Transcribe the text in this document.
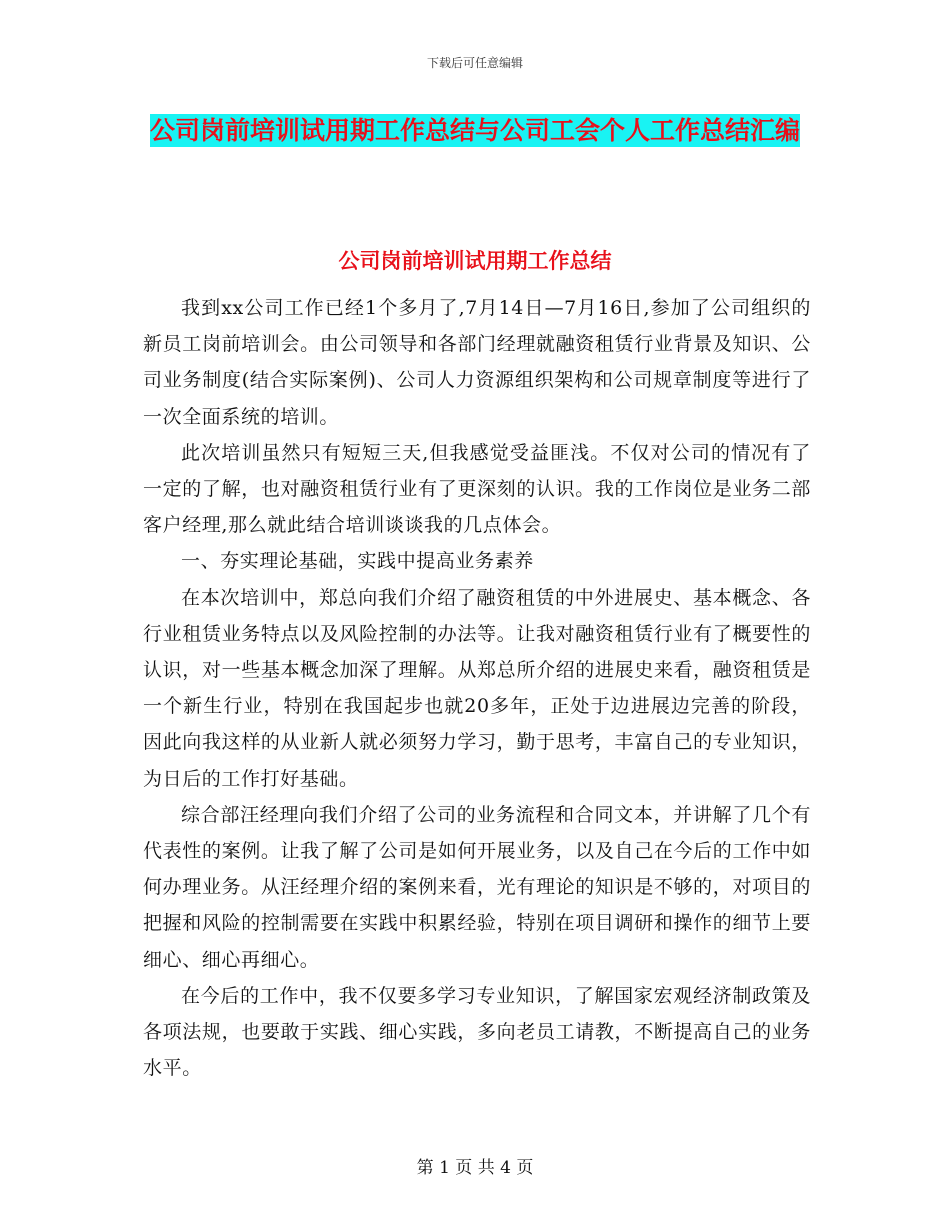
下载后可任意编辑
公司岗前培训试用期工作总结与公司工会个人工作总结汇编
公司岗前培训试用期工作总结

我到xx公司工作已经1个多月了,7月14日—7月16日,参加了公司组织的新员工岗前培训会。由公司领导和各部门经理就融资租赁行业背景及知识、公司业务制度(结合实际案例)、公司人力资源组织架构和公司规章制度等进行了一次全面系统的培训。

此次培训虽然只有短短三天,但我感觉受益匪浅。不仅对公司的情况有了一定的了解，也对融资租赁行业有了更深刻的认识。我的工作岗位是业务二部客户经理,那么就此结合培训谈谈我的几点体会。

一、夯实理论基础，实践中提高业务素养

在本次培训中，郑总向我们介绍了融资租赁的中外进展史、基本概念、各行业租赁业务特点以及风险控制的办法等。让我对融资租赁行业有了概要性的认识，对一些基本概念加深了理解。从郑总所介绍的进展史来看，融资租赁是一个新生行业，特别在我国起步也就20多年，正处于边进展边完善的阶段，因此向我这样的从业新人就必须努力学习，勤于思考，丰富自己的专业知识，为日后的工作打好基础。

综合部汪经理向我们介绍了公司的业务流程和合同文本，并讲解了几个有代表性的案例。让我了解了公司是如何开展业务，以及自己在今后的工作中如何办理业务。从汪经理介绍的案例来看，光有理论的知识是不够的，对项目的把握和风险的控制需要在实践中积累经验，特别在项目调研和操作的细节上要细心、细心再细心。

在今后的工作中，我不仅要多学习专业知识，了解国家宏观经济制政策及各项法规，也要敢于实践、细心实践，多向老员工请教，不断提高自己的业务水平。

第 1 页 共 4 页
